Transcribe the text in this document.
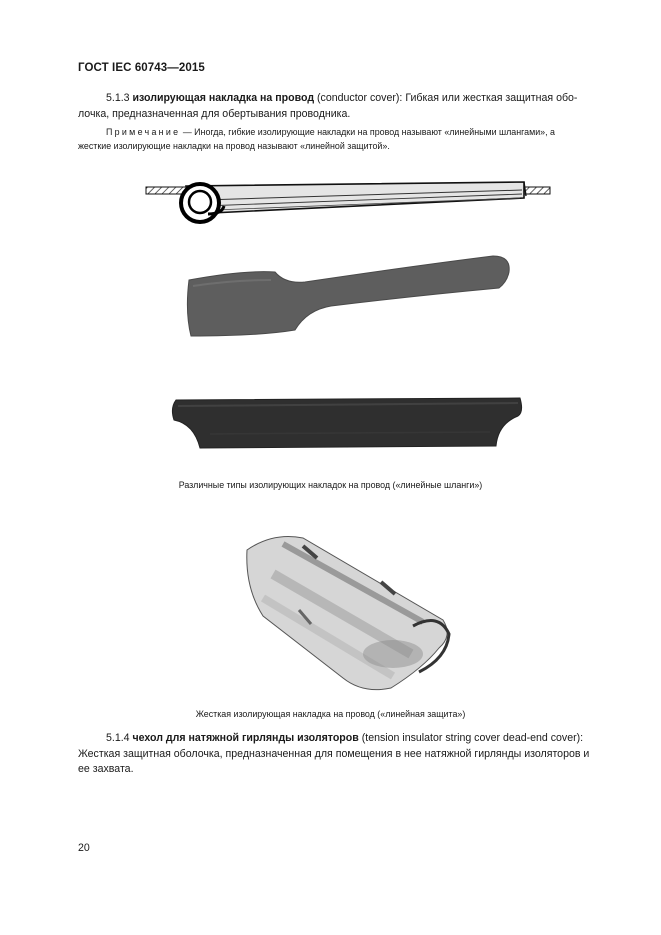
ГОСТ IEC 60743—2015
5.1.3 изолирующая накладка на провод (conductor cover): Гибкая или жесткая защитная обо-
лочка, предназначенная для обертывания проводника.
Примечание — Иногда, гибкие изолирующие накладки на провод называют «линейными шлангами», а
жесткие изолирующие накладки на провод называют «линейной защитой».
Различные типы изолирующих накладок на провод («линейные шланги»)
Жесткая изолирующая накладка на провод («линейная защита»)
5.1.4 чехол для натяжной гирлянды изоляторов (tension insulator string cover dead-end cover):
Жесткая защитная оболочка, предназначенная для помещения в нее натяжной гирлянды изоляторов и
ее захвата.
20
